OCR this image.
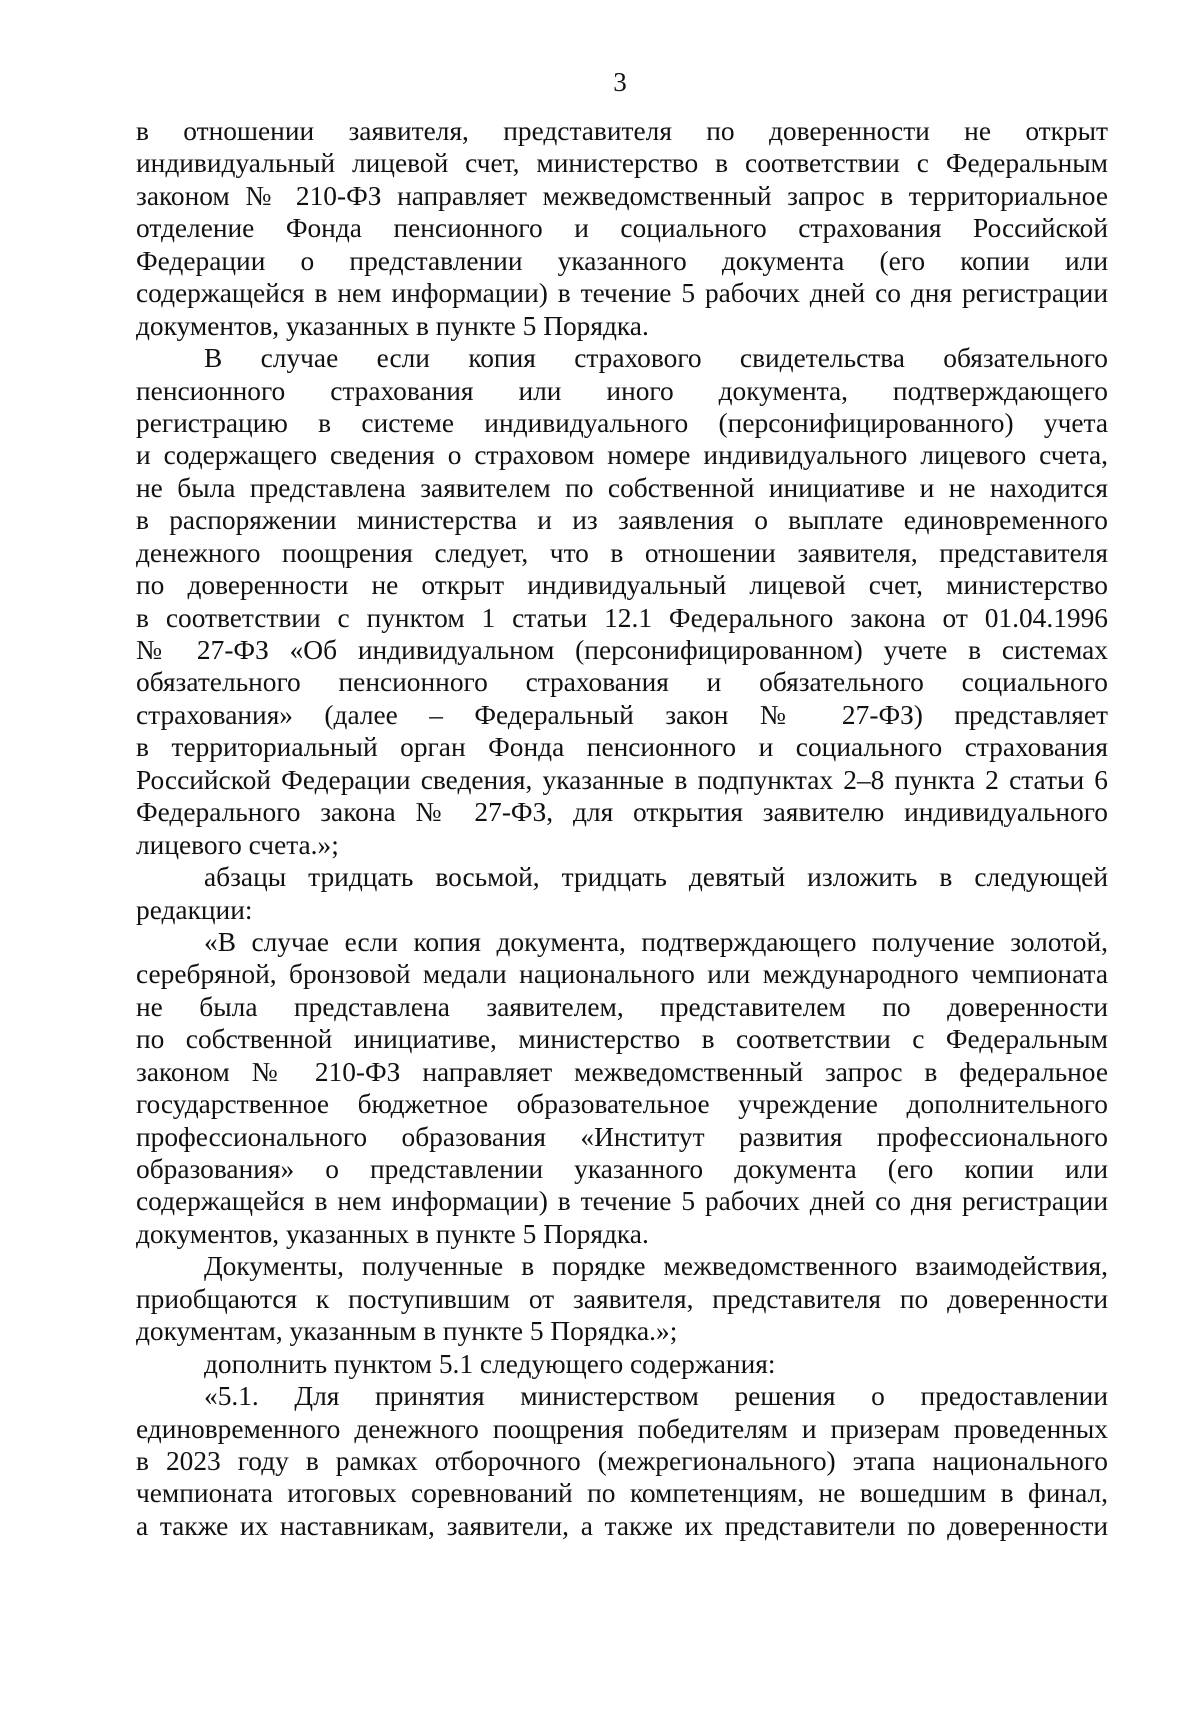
3
в отношении заявителя, представителя по доверенности не открыт
индивидуальный лицевой счет, министерство в соответствии с Федеральным
законом № 210-ФЗ направляет межведомственный запрос в территориальное
отделение Фонда пенсионного и социального страхования Российской
Федерации о представлении указанного документа (его копии или
содержащейся в нем информации) в течение 5 рабочих дней со дня регистрации
документов, указанных в пункте 5 Порядка.
В случае если копия страхового свидетельства обязательного
пенсионного страхования или иного документа, подтверждающего
регистрацию в системе индивидуального (персонифицированного) учета
и содержащего сведения о страховом номере индивидуального лицевого счета,
не была представлена заявителем по собственной инициативе и не находится
в распоряжении министерства и из заявления о выплате единовременного
денежного поощрения следует, что в отношении заявителя, представителя
по доверенности не открыт индивидуальный лицевой счет, министерство
в соответствии с пунктом 1 статьи 12.1 Федерального закона от 01.04.1996
№ 27-ФЗ «Об индивидуальном (персонифицированном) учете в системах
обязательного пенсионного страхования и обязательного социального
страхования» (далее – Федеральный закон № 27-ФЗ) представляет
в территориальный орган Фонда пенсионного и социального страхования
Российской Федерации сведения, указанные в подпунктах 2–8 пункта 2 статьи 6
Федерального закона № 27-ФЗ, для открытия заявителю индивидуального
лицевого счета.»;
абзацы тридцать восьмой, тридцать девятый изложить в следующей
редакции:
«В случае если копия документа, подтверждающего получение золотой,
серебряной, бронзовой медали национального или международного чемпионата
не была представлена заявителем, представителем по доверенности
по собственной инициативе, министерство в соответствии с Федеральным
законом № 210-ФЗ направляет межведомственный запрос в федеральное
государственное бюджетное образовательное учреждение дополнительного
профессионального образования «Институт развития профессионального
образования» о представлении указанного документа (его копии или
содержащейся в нем информации) в течение 5 рабочих дней со дня регистрации
документов, указанных в пункте 5 Порядка.
Документы, полученные в порядке межведомственного взаимодействия,
приобщаются к поступившим от заявителя, представителя по доверенности
документам, указанным в пункте 5 Порядка.»;
дополнить пунктом 5.1 следующего содержания:
«5.1. Для принятия министерством решения о предоставлении
единовременного денежного поощрения победителям и призерам проведенных
в 2023 году в рамках отборочного (межрегионального) этапа национального
чемпионата итоговых соревнований по компетенциям, не вошедшим в финал,
а также их наставникам, заявители, а также их представители по доверенности
